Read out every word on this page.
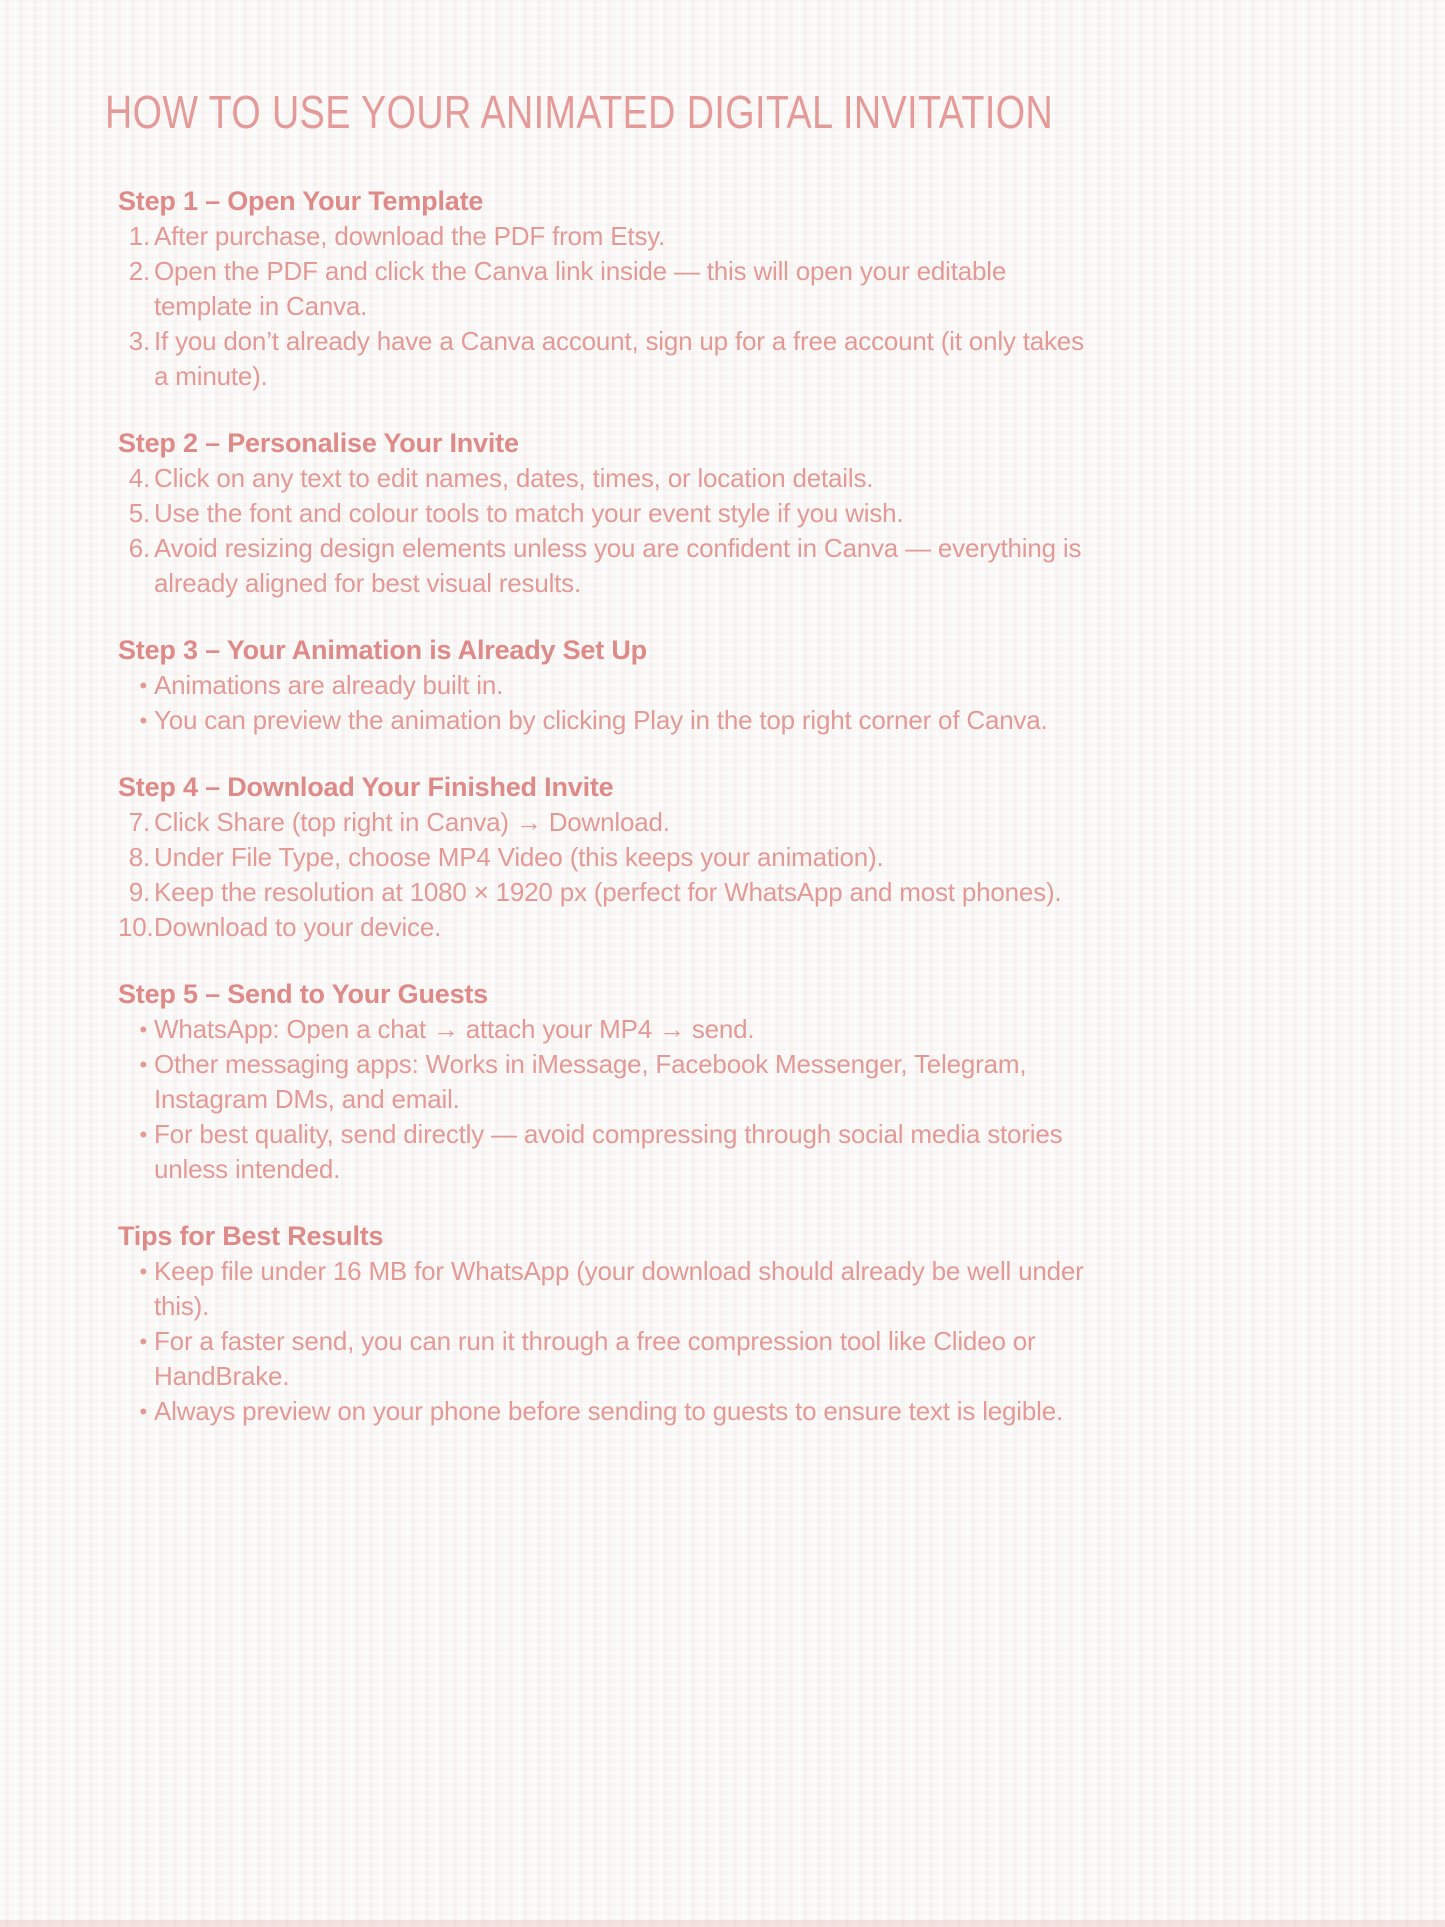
HOW TO USE YOUR ANIMATED DIGITAL INVITATION
Step 1 – Open Your Template
1. After purchase, download the PDF from Etsy.
2. Open the PDF and click the Canva link inside — this will open your editable template in Canva.
3. If you don’t already have a Canva account, sign up for a free account (it only takes a minute).
Step 2 – Personalise Your Invite
4. Click on any text to edit names, dates, times, or location details.
5. Use the font and colour tools to match your event style if you wish.
6. Avoid resizing design elements unless you are confident in Canva — everything is already aligned for best visual results.
Step 3 – Your Animation is Already Set Up
• Animations are already built in.
• You can preview the animation by clicking Play in the top right corner of Canva.
Step 4 – Download Your Finished Invite
7. Click Share (top right in Canva) → Download.
8. Under File Type, choose MP4 Video (this keeps your animation).
9. Keep the resolution at 1080 × 1920 px (perfect for WhatsApp and most phones).
10. Download to your device.
Step 5 – Send to Your Guests
• WhatsApp: Open a chat → attach your MP4 → send.
• Other messaging apps: Works in iMessage, Facebook Messenger, Telegram, Instagram DMs, and email.
• For best quality, send directly — avoid compressing through social media stories unless intended.
Tips for Best Results
• Keep file under 16 MB for WhatsApp (your download should already be well under this).
• For a faster send, you can run it through a free compression tool like Clideo or HandBrake.
• Always preview on your phone before sending to guests to ensure text is legible.
